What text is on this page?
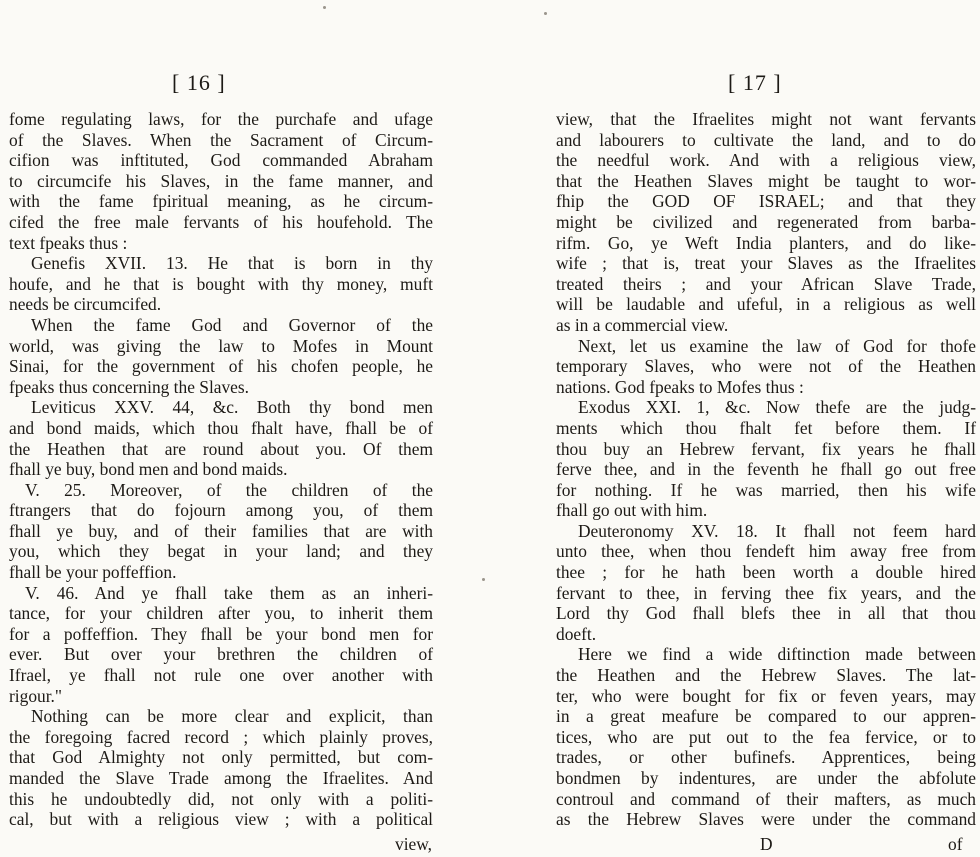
[ 16 ]
fome regulating laws, for the purchafe and ufage
of the Slaves. When the Sacrament of Circum-
cifion was inftituted, God commanded Abraham
to circumcife his Slaves, in the fame manner, and
with the fame fpiritual meaning, as he circum-
cifed the free male fervants of his houfehold. The
text fpeaks thus :
Genefis XVII. 13. He that is born in thy
houfe, and he that is bought with thy money, muft
needs be circumcifed.
When the fame God and Governor of the
world, was giving the law to Mofes in Mount
Sinai, for the government of his chofen people, he
fpeaks thus concerning the Slaves.
Leviticus XXV. 44, &c. Both thy bond men
and bond maids, which thou fhalt have, fhall be of
the Heathen that are round about you. Of them
fhall ye buy, bond men and bond maids.
V. 25. Moreover, of the children of the
ftrangers that do fojourn among you, of them
fhall ye buy, and of their families that are with
you, which they begat in your land; and they
fhall be your poffeffion.
V. 46. And ye fhall take them as an inheri-
tance, for your children after you, to inherit them
for a poffeffion. They fhall be your bond men for
ever. But over your brethren the children of
Ifrael, ye fhall not rule one over another with
rigour."
Nothing can be more clear and explicit, than
the foregoing facred record ; which plainly proves,
that God Almighty not only permitted, but com-
manded the Slave Trade among the Ifraelites. And
this he undoubtedly did, not only with a politi-
cal, but with a religious view ; with a political
view,
[ 17 ]
view, that the Ifraelites might not want fervants
and labourers to cultivate the land, and to do
the needful work. And with a religious view,
that the Heathen Slaves might be taught to wor-
fhip the GOD OF ISRAEL; and that they
might be civilized and regenerated from barba-
rifm. Go, ye Weft India planters, and do like-
wife ; that is, treat your Slaves as the Ifraelites
treated theirs ; and your African Slave Trade,
will be laudable and ufeful, in a religious as well
as in a commercial view.
Next, let us examine the law of God for thofe
temporary Slaves, who were not of the Heathen
nations. God fpeaks to Mofes thus :
Exodus XXI. 1, &c. Now thefe are the judg-
ments which thou fhalt fet before them. If
thou buy an Hebrew fervant, fix years he fhall
ferve thee, and in the feventh he fhall go out free
for nothing. If he was married, then his wife
fhall go out with him.
Deuteronomy XV. 18. It fhall not feem hard
unto thee, when thou fendeft him away free from
thee ; for he hath been worth a double hired
fervant to thee, in ferving thee fix years, and the
Lord thy God fhall blefs thee in all that thou
doeft.
Here we find a wide diftinction made between
the Heathen and the Hebrew Slaves. The lat-
ter, who were bought for fix or feven years, may
in a great meafure be compared to our appren-
tices, who are put out to the fea fervice, or to
trades, or other bufinefs. Apprentices, being
bondmen by indentures, are under the abfolute
controul and command of their mafters, as much
as the Hebrew Slaves were under the command
D	of
